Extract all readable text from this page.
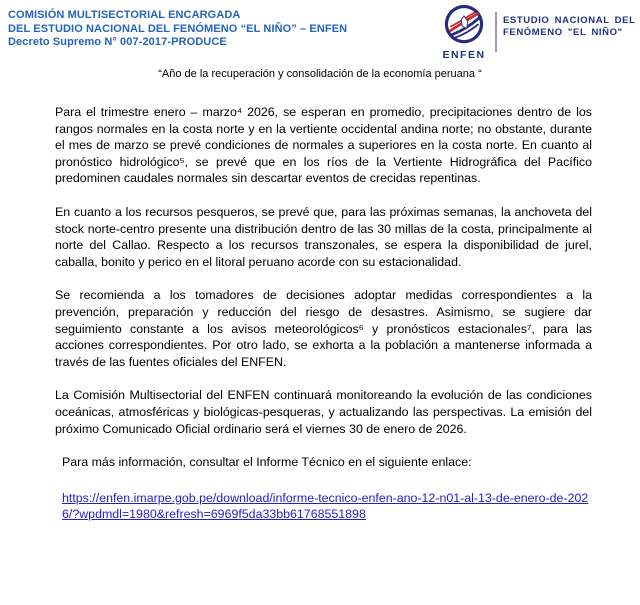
COMISIÓN MULTISECTORIAL ENCARGADA
DEL ESTUDIO NACIONAL DEL FENÓMENO “EL NIÑO” – ENFEN
Decreto Supremo N° 007-2017-PRODUCE
ENFEN
ESTUDIO NACIONAL DEL
FENÓMENO "EL NIÑO"
“Año de la recuperación y consolidación de la economía peruana “

Para el trimestre enero – marzo⁴ 2026, se esperan en promedio, precipitaciones dentro de los rangos normales en la costa norte y en la vertiente occidental andina norte; no obstante, durante el mes de marzo se prevé condiciones de normales a superiores en la costa norte. En cuanto al pronóstico hidrológico⁵, se prevé que en los ríos de la Vertiente Hidrográfica del Pacífico predominen caudales normales sin descartar eventos de crecidas repentinas.

En cuanto a los recursos pesqueros, se prevé que, para las próximas semanas, la anchoveta del stock norte-centro presente una distribución dentro de las 30 millas de la costa, principalmente al norte del Callao. Respecto a los recursos transzonales, se espera la disponibilidad de jurel, caballa, bonito y perico en el litoral peruano acorde con su estacionalidad.

Se recomienda a los tomadores de decisiones adoptar medidas correspondientes a la prevención, preparación y reducción del riesgo de desastres. Asimismo, se sugiere dar seguimiento constante a los avisos meteorológicos⁶ y pronósticos estacionales⁷, para las acciones correspondientes. Por otro lado, se exhorta a la población a mantenerse informada a través de las fuentes oficiales del ENFEN.

La Comisión Multisectorial del ENFEN continuará monitoreando la evolución de las condiciones oceánicas, atmosféricas y biológicas-pesqueras, y actualizando las perspectivas. La emisión del próximo Comunicado Oficial ordinario será el viernes 30 de enero de 2026.

Para más información, consultar el Informe Técnico en el siguiente enlace:

https://enfen.imarpe.gob.pe/download/informe-tecnico-enfen-ano-12-n01-al-13-de-enero-de-2026/?wpdmdl=1980&refresh=6969f5da33bb61768551898
